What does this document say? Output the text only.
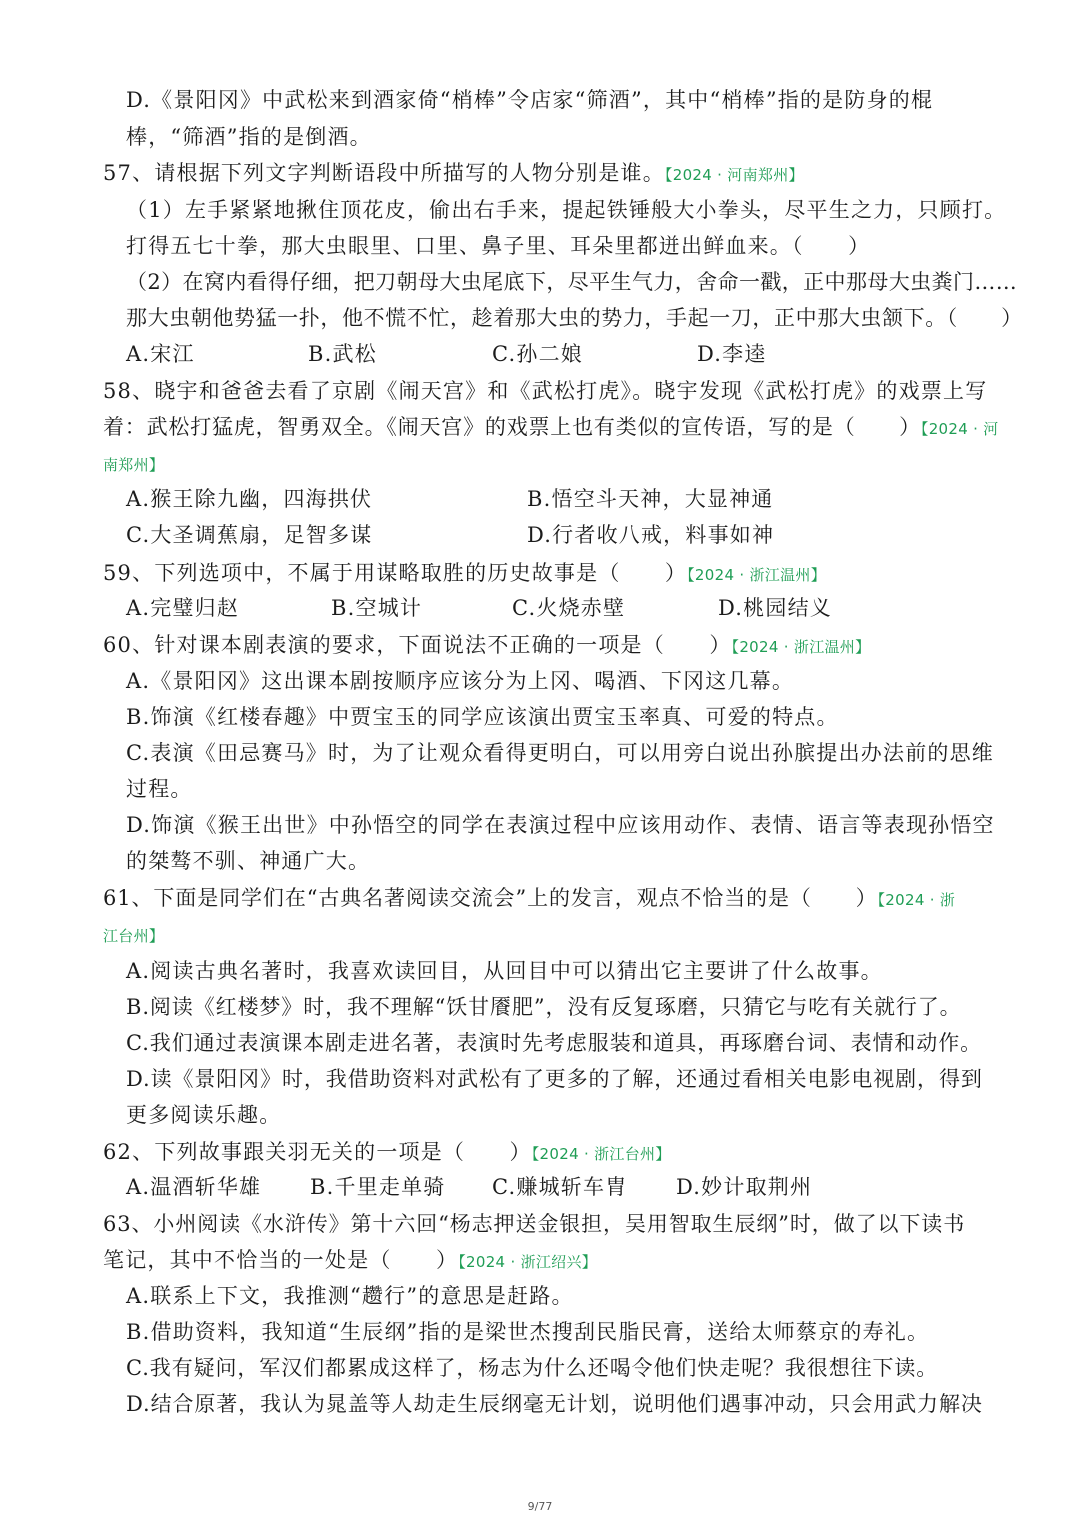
D.《景阳冈》中武松来到酒家倚“梢棒”令店家“筛酒”，其中“梢棒”指的是防身的棍
棒，“筛酒”指的是倒酒。
57、请根据下列文字判断语段中所描写的人物分别是谁。【2024 · 河南郑州】
（1）左手紧紧地揪住顶花皮，偷出右手来，提起铁锤般大小拳头，尽平生之力，只顾打。
打得五七十拳，那大虫眼里、口里、鼻子里、耳朵里都迸出鲜血来。（　　）
（2）在窝内看得仔细，把刀朝母大虫尾底下，尽平生气力，舍命一戳，正中那母大虫粪门……
那大虫朝他势猛一扑，他不慌不忙，趁着那大虫的势力，手起一刀，正中那大虫颔下。（　　）
A.宋江	B.武松	C.孙二娘	D.李逵
58、晓宇和爸爸去看了京剧《闹天宫》和《武松打虎》。晓宇发现《武松打虎》的戏票上写
着：武松打猛虎，智勇双全。《闹天宫》的戏票上也有类似的宣传语，写的是（　　）【2024 · 河
南郑州】
A.猴王除九幽，四海拱伏	B.悟空斗天神，大显神通
C.大圣调蕉扇，足智多谋	D.行者收八戒，料事如神
59、下列选项中，不属于用谋略取胜的历史故事是（　　）【2024 · 浙江温州】
A.完璧归赵	B.空城计	C.火烧赤壁	D.桃园结义
60、针对课本剧表演的要求，下面说法不正确的一项是（　　）【2024 · 浙江温州】
A.《景阳冈》这出课本剧按顺序应该分为上冈、喝酒、下冈这几幕。
B.饰演《红楼春趣》中贾宝玉的同学应该演出贾宝玉率真、可爱的特点。
C.表演《田忌赛马》时，为了让观众看得更明白，可以用旁白说出孙膑提出办法前的思维
过程。
D.饰演《猴王出世》中孙悟空的同学在表演过程中应该用动作、表情、语言等表现孙悟空
的桀骜不驯、神通广大。
61、下面是同学们在“古典名著阅读交流会”上的发言，观点不恰当的是（　　）【2024 · 浙
江台州】
A.阅读古典名著时，我喜欢读回目，从回目中可以猜出它主要讲了什么故事。
B.阅读《红楼梦》时，我不理解“饫甘餍肥”，没有反复琢磨，只猜它与吃有关就行了。
C.我们通过表演课本剧走进名著，表演时先考虑服装和道具，再琢磨台词、表情和动作。
D.读《景阳冈》时，我借助资料对武松有了更多的了解，还通过看相关电影电视剧，得到
更多阅读乐趣。
62、下列故事跟关羽无关的一项是（　　）【2024 · 浙江台州】
A.温酒斩华雄 B.千里走单骑 C.赚城斩车胄 D.妙计取荆州
63、小州阅读《水浒传》第十六回“杨志押送金银担，吴用智取生辰纲”时，做了以下读书
笔记，其中不恰当的一处是（　　）【2024 · 浙江绍兴】
A.联系上下文，我推测“趱行”的意思是赶路。
B.借助资料，我知道“生辰纲”指的是梁世杰搜刮民脂民膏，送给太师蔡京的寿礼。
C.我有疑问，军汉们都累成这样了，杨志为什么还喝令他们快走呢？我很想往下读。
D.结合原著，我认为晁盖等人劫走生辰纲毫无计划，说明他们遇事冲动，只会用武力解决
9/77
